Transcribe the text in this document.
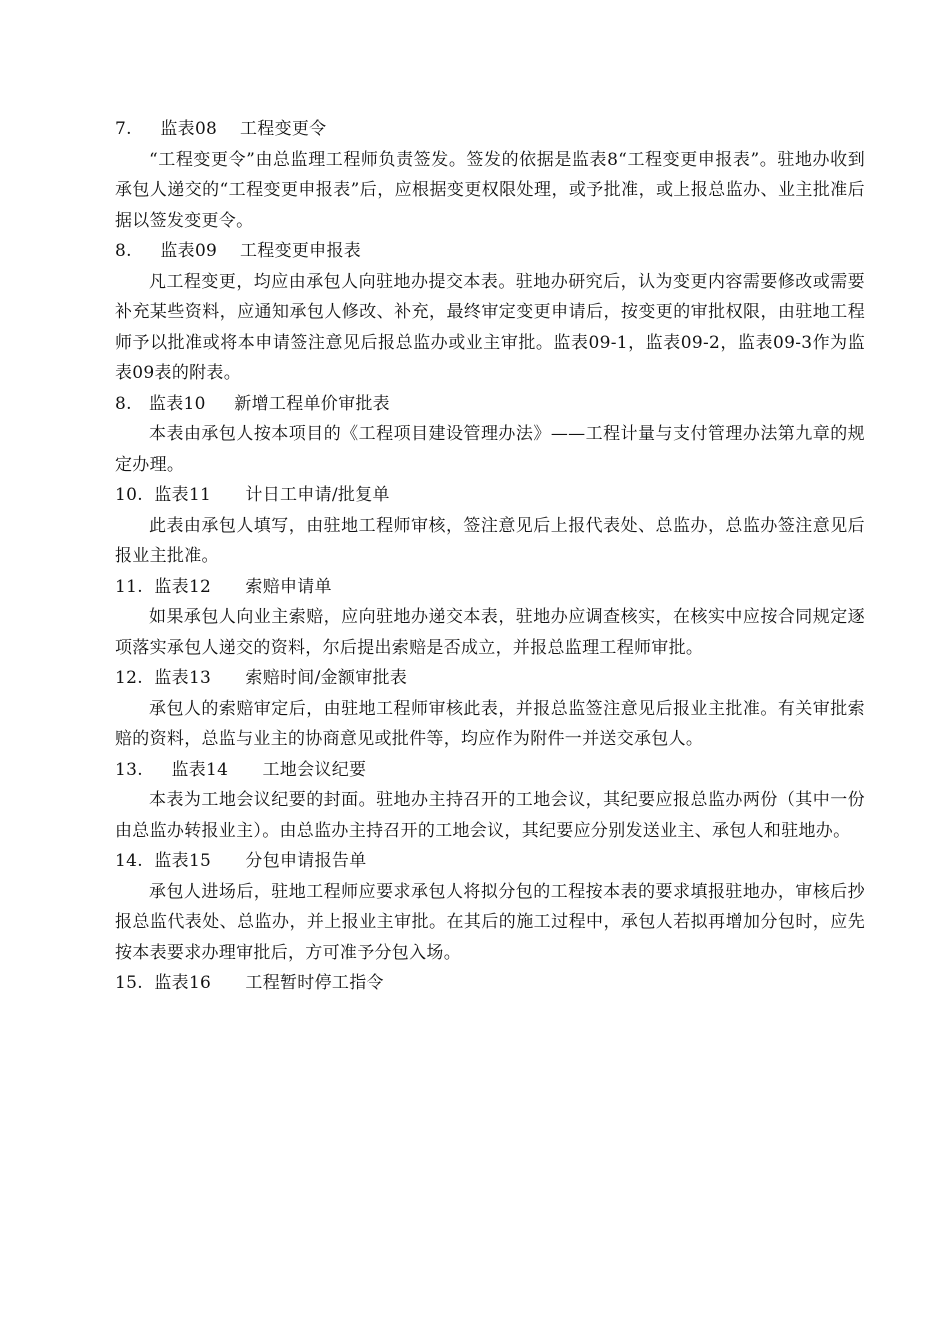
7.     监表08    工程变更令

“工程变更令”由总监理工程师负责签发。签发的依据是监表8“工程变更申报表”。驻地办收到承包人递交的“工程变更申报表”后，应根据变更权限处理，或予批准，或上报总监办、业主批准后据以签发变更令。

8.     监表09    工程变更申报表

凡工程变更，均应由承包人向驻地办提交本表。驻地办研究后，认为变更内容需要修改或需要补充某些资料，应通知承包人修改、补充，最终审定变更申请后，按变更的审批权限，由驻地工程师予以批准或将本申请签注意见后报总监办或业主审批。监表09-1，监表09-2，监表09-3作为监表09表的附表。

8.   监表10     新增工程单价审批表

本表由承包人按本项目的《工程项目建设管理办法》——工程计量与支付管理办法第九章的规定办理。

10.  监表11      计日工申请/批复单

此表由承包人填写，由驻地工程师审核，签注意见后上报代表处、总监办，总监办签注意见后报业主批准。

11.  监表12      索赔申请单

如果承包人向业主索赔，应向驻地办递交本表，驻地办应调查核实，在核实中应按合同规定逐项落实承包人递交的资料，尔后提出索赔是否成立，并报总监理工程师审批。

12.  监表13      索赔时间/金额审批表

承包人的索赔审定后，由驻地工程师审核此表，并报总监签注意见后报业主批准。有关审批索赔的资料，总监与业主的协商意见或批件等，均应作为附件一并送交承包人。

13.     监表14      工地会议纪要

本表为工地会议纪要的封面。驻地办主持召开的工地会议，其纪要应报总监办两份（其中一份由总监办转报业主）。由总监办主持召开的工地会议，其纪要应分别发送业主、承包人和驻地办。

14.  监表15      分包申请报告单

承包人进场后，驻地工程师应要求承包人将拟分包的工程按本表的要求填报驻地办，审核后抄报总监代表处、总监办，并上报业主审批。在其后的施工过程中，承包人若拟再增加分包时，应先按本表要求办理审批后，方可准予分包入场。

15.  监表16      工程暂时停工指令
